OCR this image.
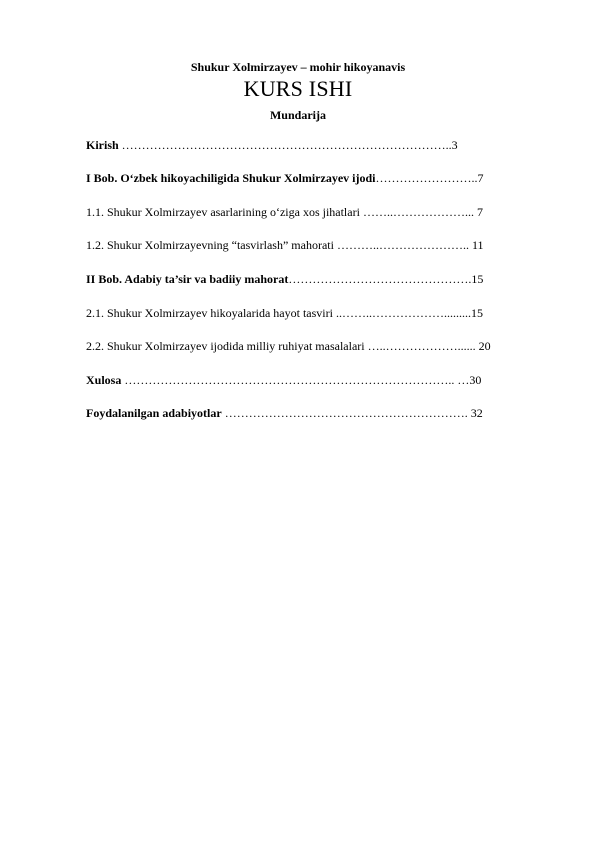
Shukur Xolmirzayev – mohir hikoyanavis
KURS ISHI
Mundarija
Kirish ………………………………………………………………………..3
I Bob. O‘zbek hikoyachiligida Shukur Xolmirzayev ijodi……………………..7
1.1. Shukur Xolmirzayev asarlarining o‘ziga xos jihatlari ……..………………... 7
1.2. Shukur Xolmirzayevning “tasvirlash” mahorati ………..………………….. 11
II Bob. Adabiy ta’sir va badiiy mahorat……………………………………….15
2.1. Shukur Xolmirzayev hikoyalarida hayot tasviri ..……..……………….........15
2.2. Shukur Xolmirzayev ijodida milliy ruhiyat masalalari …..………………...... 20
Xulosa ……………………………………………………………………….. …30
Foydalanilgan adabiyotlar ……………………………………………………. 32
